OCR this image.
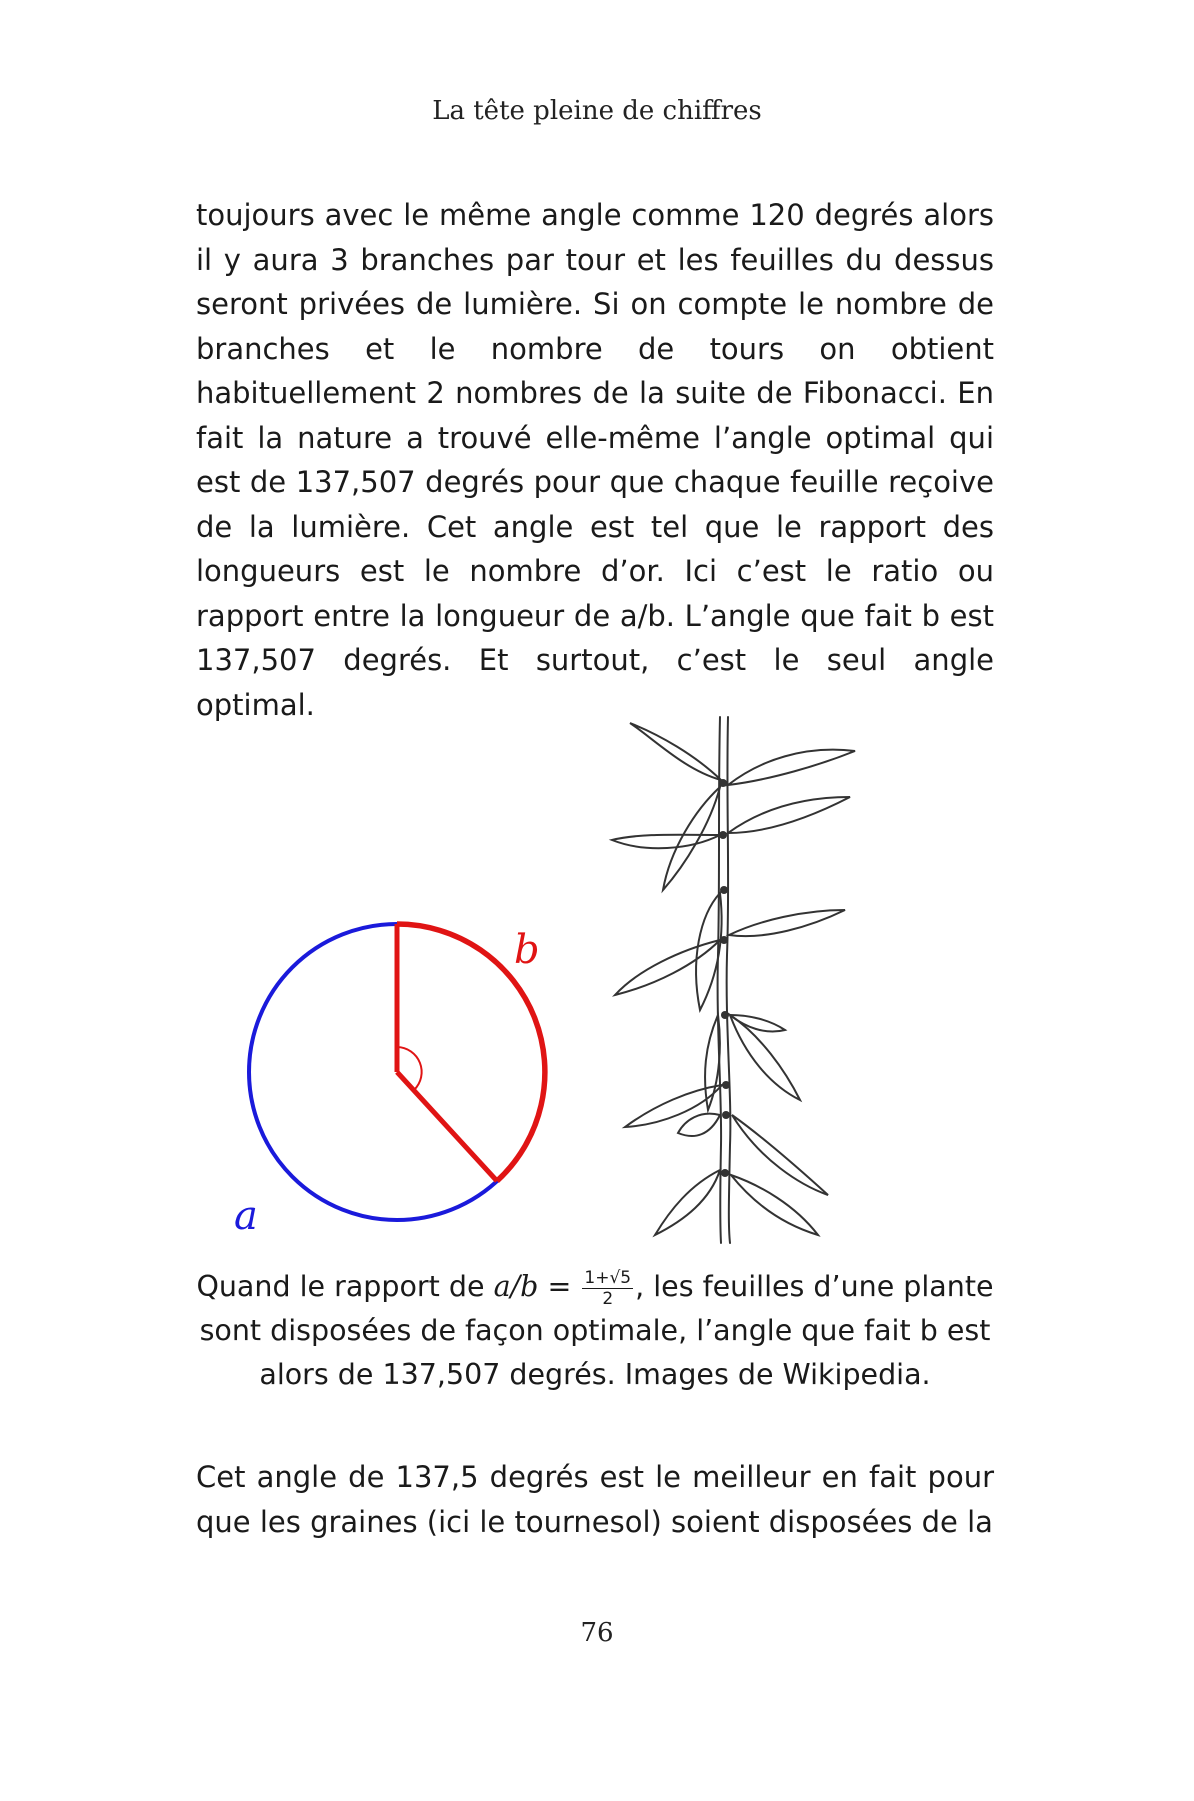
La tête pleine de chiffres

toujours avec le même angle comme 120 degrés alors il y aura 3 branches par tour et les feuilles du dessus seront privées de lumière. Si on compte le nombre de branches et le nombre de tours on obtient habituellement 2 nombres de la suite de Fibonacci. En fait la nature a trouvé elle-même l’angle optimal qui est de 137,507 degrés pour que chaque feuille reçoive de la lumière. Cet angle est tel que le rapport des longueurs est le nombre d’or. Ici c’est le ratio ou rapport entre la longueur de a/b. L’angle que fait b est 137,507 degrés. Et surtout, c’est le seul angle optimal.

b
a
Quand le rapport de $a/b = \frac{1+√5}{2}$ , les feuilles d’une plante sont disposées de façon optimale, l’angle que fait b est alors de 137,507 degrés. Images de Wikipedia.

Cet angle de 137,5 degrés est le meilleur en fait pour que les graines (ici le tournesol) soient disposées de la

76
